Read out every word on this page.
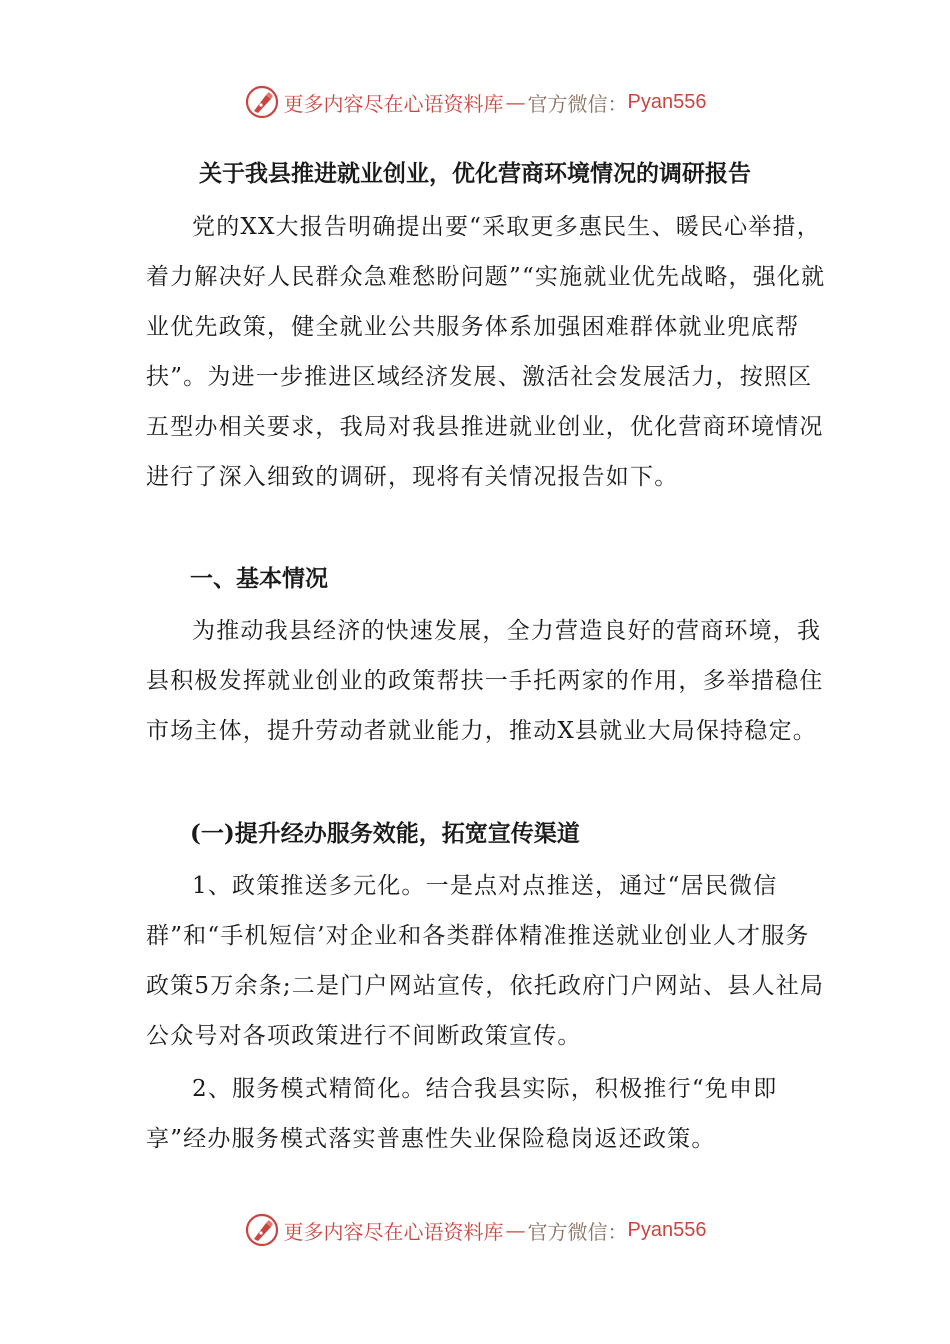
更多内容尽在心语资料库 — 官方微信： Pyan556
关于我县推进就业创业，优化营商环境情况的调研报告

党的XX大报告明确提出要“采取更多惠民生、暖民心举措，着力解决好人民群众急难愁盼问题”“实施就业优先战略，强化就业优先政策，健全就业公共服务体系加强困难群体就业兜底帮扶”。为进一步推进区域经济发展、激活社会发展活力，按照区五型办相关要求，我局对我县推进就业创业，优化营商环境情况进行了深入细致的调研，现将有关情况报告如下。

一、基本情况

为推动我县经济的快速发展，全力营造良好的营商环境，我县积极发挥就业创业的政策帮扶一手托两家的作用，多举措稳住市场主体，提升劳动者就业能力，推动X县就业大局保持稳定。

(一)提升经办服务效能，拓宽宣传渠道

1、政策推送多元化。一是点对点推送，通过“居民微信群”和“手机短信’对企业和各类群体精准推送就业创业人才服务政策5万余条;二是门户网站宣传，依托政府门户网站、县人社局公众号对各项政策进行不间断政策宣传。

2、服务模式精简化。结合我县实际，积极推行“免申即享”经办服务模式落实普惠性失业保险稳岗返还政策。

更多内容尽在心语资料库 — 官方微信： Pyan556
